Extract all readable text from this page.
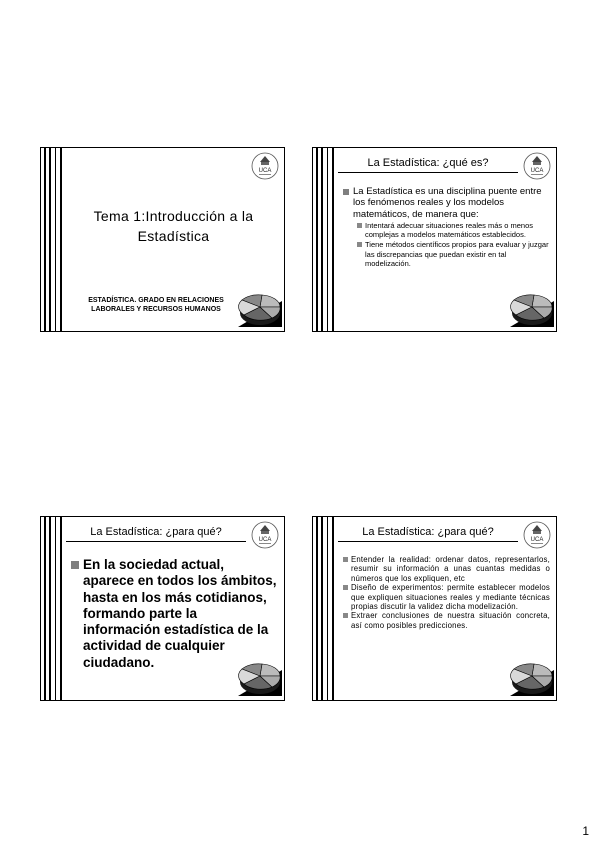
UCA
Tema 1:Introducción a la Estadística
ESTADÍSTICA. GRADO EN RELACIONES LABORALES Y RECURSOS HUMANOS
La Estadística: ¿qué es?
UCA
La Estadística es una disciplina puente entre los fenómenos reales y los modelos matemáticos, de manera que:
Intentará adecuar situaciones reales más o menos complejas a modelos matemáticos establecidos.
Tiene métodos científicos propios para evaluar y juzgar las discrepancias que puedan existir en tal modelización.
La Estadística: ¿para qué?
UCA
En la sociedad actual, aparece en todos los ámbitos, hasta en los más cotidianos, formando parte la información estadística de la actividad de cualquier ciudadano.
La Estadística: ¿para qué?
UCA
Entender la realidad: ordenar datos, representarlos, resumir su información a unas cuantas medidas o números que los expliquen, etc
Diseño de experimentos: permite establecer modelos que expliquen situaciones reales y mediante técnicas propias discutir la validez dicha modelización.
Extraer conclusiones de nuestra situación concreta, así como posibles predicciones.
1
